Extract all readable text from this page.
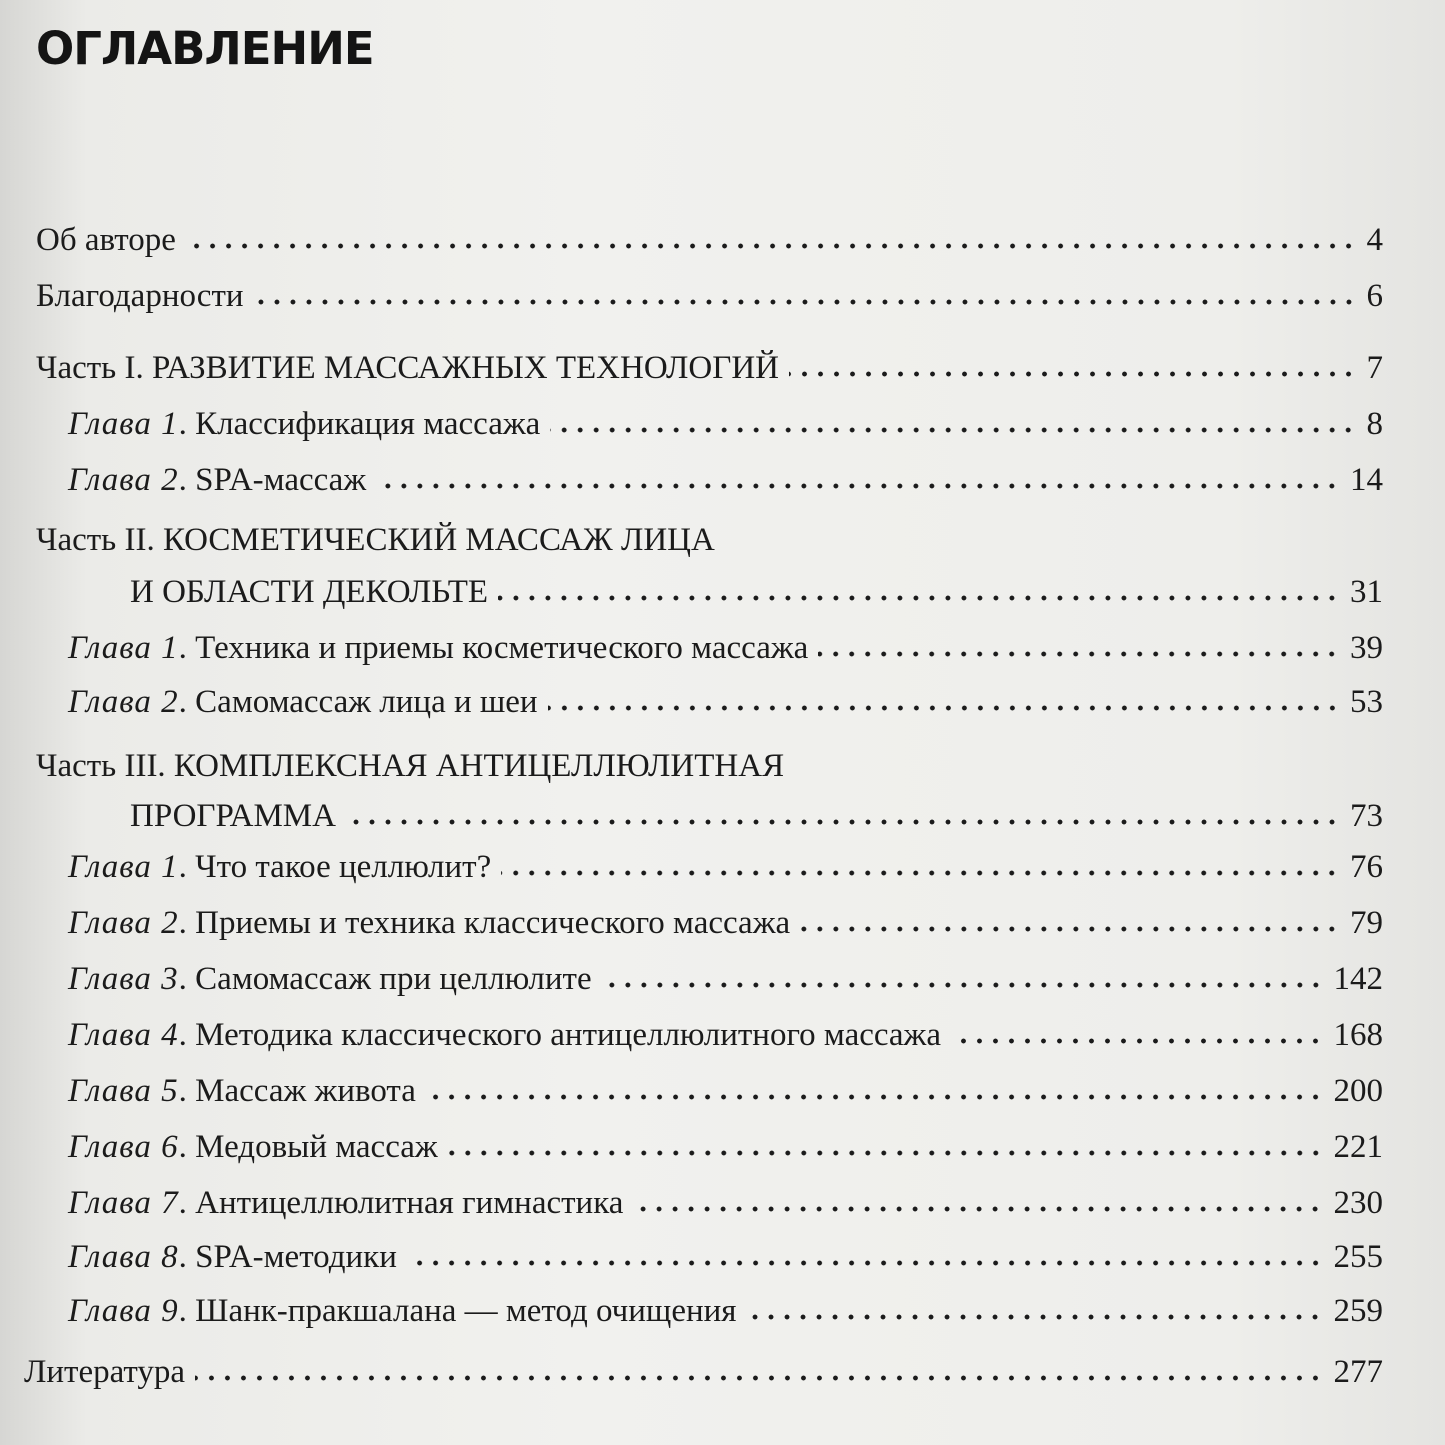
ОГЛАВЛЕНИЕ
Об авторе	4
Благодарности	6
Часть I. РАЗВИТИЕ МАССАЖНЫХ ТЕХНОЛОГИЙ	7
Глава 1. Классификация массажа	8
Глава 2. SPA-массаж	14
Часть II. КОСМЕТИЧЕСКИЙ МАССАЖ ЛИЦА
И ОБЛАСТИ ДЕКОЛЬТЕ	31
Глава 1. Техника и приемы косметического массажа	39
Глава 2. Самомассаж лица и шеи	53
Часть III. КОМПЛЕКСНАЯ АНТИЦЕЛЛЮЛИТНАЯ
ПРОГРАММА	73
Глава 1. Что такое целлюлит?	76
Глава 2. Приемы и техника классического массажа	79
Глава 3. Самомассаж при целлюлите	142
Глава 4. Методика классического антицеллюлитного массажа	168
Глава 5. Массаж живота	200
Глава 6. Медовый массаж	221
Глава 7. Антицеллюлитная гимнастика	230
Глава 8. SPA-методики	255
Глава 9. Шанк-пракшалана — метод очищения	259
Литература	277
